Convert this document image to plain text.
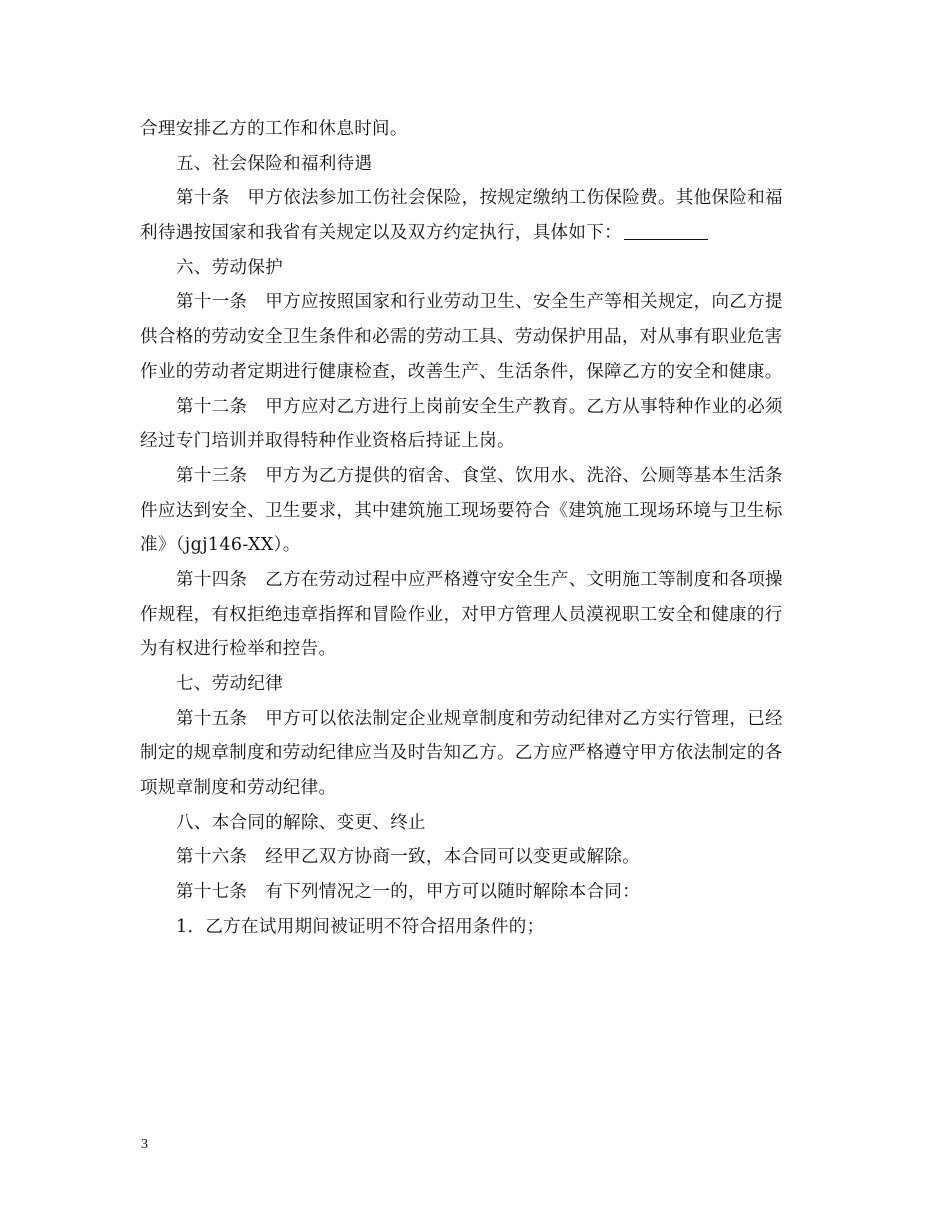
合理安排乙方的工作和休息时间。
五、社会保险和福利待遇
第十条　甲方依法参加工伤社会保险，按规定缴纳工伤保险费。其他保险和福
利待遇按国家和我省有关规定以及双方约定执行，具体如下：
六、劳动保护
第十一条　甲方应按照国家和行业劳动卫生、安全生产等相关规定，向乙方提
供合格的劳动安全卫生条件和必需的劳动工具、劳动保护用品，对从事有职业危害
作业的劳动者定期进行健康检查，改善生产、生活条件，保障乙方的安全和健康。
第十二条　甲方应对乙方进行上岗前安全生产教育。乙方从事特种作业的必须
经过专门培训并取得特种作业资格后持证上岗。
第十三条　甲方为乙方提供的宿舍、食堂、饮用水、洗浴、公厕等基本生活条
件应达到安全、卫生要求，其中建筑施工现场要符合《建筑施工现场环境与卫生标
准》（jgj146-XX）。
第十四条　乙方在劳动过程中应严格遵守安全生产、文明施工等制度和各项操
作规程，有权拒绝违章指挥和冒险作业，对甲方管理人员漠视职工安全和健康的行
为有权进行检举和控告。
七、劳动纪律
第十五条　甲方可以依法制定企业规章制度和劳动纪律对乙方实行管理，已经
制定的规章制度和劳动纪律应当及时告知乙方。乙方应严格遵守甲方依法制定的各
项规章制度和劳动纪律。
八、本合同的解除、变更、终止
第十六条　经甲乙双方协商一致，本合同可以变更或解除。
第十七条　有下列情况之一的，甲方可以随时解除本合同：
1．乙方在试用期间被证明不符合招用条件的；
3
